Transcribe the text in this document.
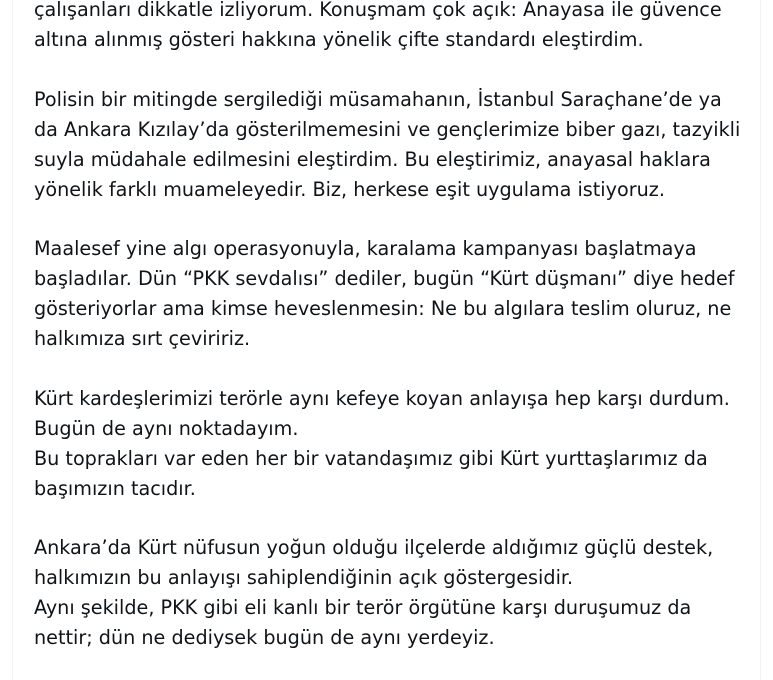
çalışanları dikkatle izliyorum. Konuşmam çok açık: Anayasa ile güvence
altına alınmış gösteri hakkına yönelik çifte standardı eleştirdim.
Polisin bir mitingde sergilediği müsamahanın, İstanbul Saraçhane’de ya
da Ankara Kızılay’da gösterilmemesini ve gençlerimize biber gazı, tazyikli
suyla müdahale edilmesini eleştirdim. Bu eleştirimiz, anayasal haklara
yönelik farklı muameleyedir. Biz, herkese eşit uygulama istiyoruz.
Maalesef yine algı operasyonuyla, karalama kampanyası başlatmaya
başladılar. Dün “PKK sevdalısı” dediler, bugün “Kürt düşmanı” diye hedef
gösteriyorlar ama kimse heveslenmesin: Ne bu algılara teslim oluruz, ne
halkımıza sırt çeviririz.
Kürt kardeşlerimizi terörle aynı kefeye koyan anlayışa hep karşı durdum.
Bugün de aynı noktadayım.
Bu toprakları var eden her bir vatandaşımız gibi Kürt yurttaşlarımız da
başımızın tacıdır.
Ankara’da Kürt nüfusun yoğun olduğu ilçelerde aldığımız güçlü destek,
halkımızın bu anlayışı sahiplendiğinin açık göstergesidir.
Aynı şekilde, PKK gibi eli kanlı bir terör örgütüne karşı duruşumuz da
nettir; dün ne dediysek bugün de aynı yerdeyiz.
